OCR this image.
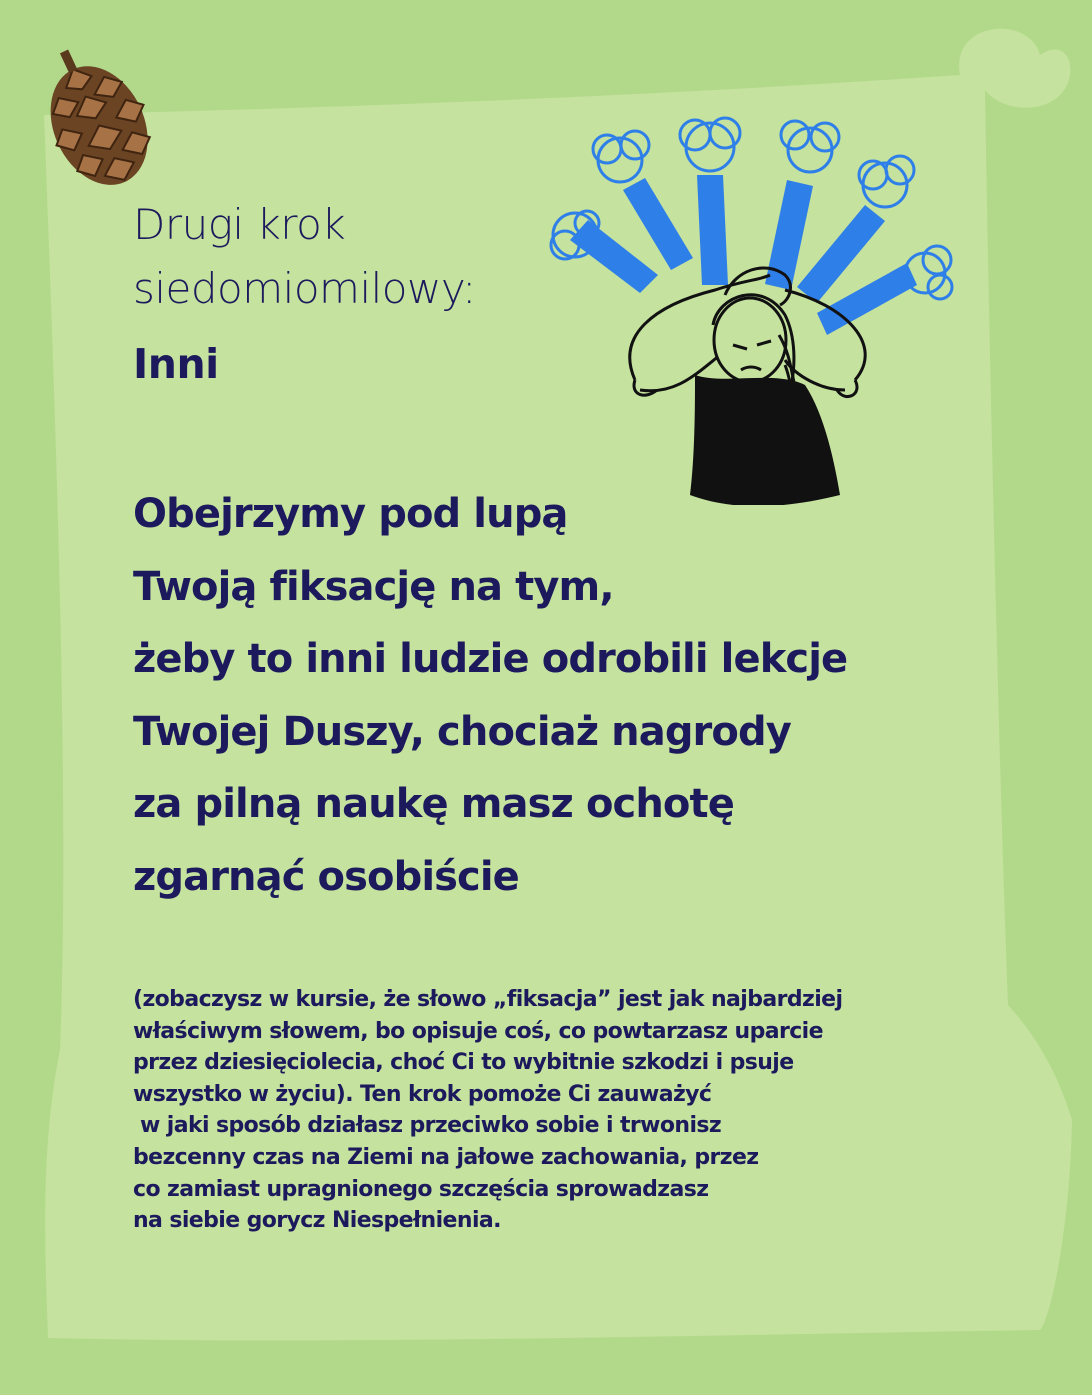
Drugi krok
siedomiomilowy:
Inni

Obejrzymy pod lupą
Twoją fiksację na tym,
żeby to inni ludzie odrobili lekcje
Twojej Duszy, chociaż nagrody
za pilną naukę masz ochotę
zgarnąć osobiście

(zobaczysz w kursie, że słowo „fiksacja” jest jak najbardziej
właściwym słowem, bo opisuje coś, co powtarzasz uparcie
przez dziesięciolecia, choć Ci to wybitnie szkodzi i psuje
wszystko w życiu). Ten krok pomoże Ci zauważyć
w jaki sposób działasz przeciwko sobie i trwonisz
bezcenny czas na Ziemi na jałowe zachowania, przez
co zamiast upragnionego szczęścia sprowadzasz
na siebie gorycz Niespełnienia.
